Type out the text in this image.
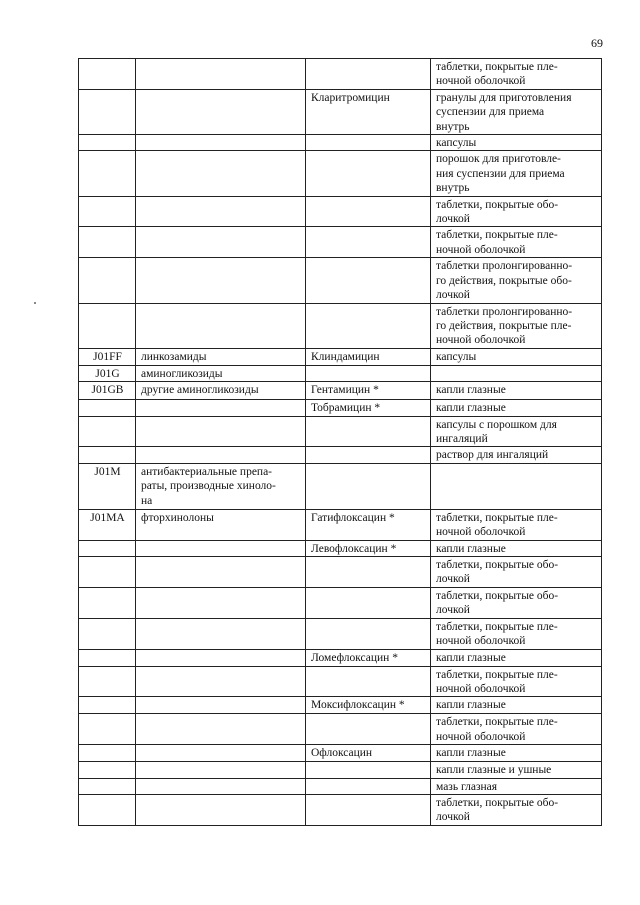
69

			таблетки, покрытые пле-
ночной оболочкой

		Кларитромицин	гранулы для приготовления
суспензии для приема
внутрь

			капсулы

			порошок для приготовле-
ния суспензии для приема
внутрь

			таблетки, покрытые обо-
лочкой

			таблетки, покрытые пле-
ночной оболочкой

			таблетки пролонгированно-
го действия, покрытые обо-
лочкой

			таблетки пролонгированно-
го действия, покрытые пле-
ночной оболочкой

J01FF	линкозамиды	Клиндамицин	капсулы

J01G	аминогликозиды		

J01GB	другие аминогликозиды	Гентамицин *	капли глазные

		Тобрамицин *	капли глазные

			капсулы с порошком для
ингаляций

			раствор для ингаляций

J01M	антибактериальные препа-
раты, производные хиноло-
на		

J01MA	фторхинолоны	Гатифлоксацин *	таблетки, покрытые пле-
ночной оболочкой

		Левофлоксацин *	капли глазные

			таблетки, покрытые обо-
лочкой

			таблетки, покрытые обо-
лочкой

			таблетки, покрытые пле-
ночной оболочкой

		Ломефлоксацин *	капли глазные

			таблетки, покрытые пле-
ночной оболочкой

		Моксифлоксацин *	капли глазные

			таблетки, покрытые пле-
ночной оболочкой

		Офлоксацин	капли глазные

			капли глазные и ушные

			мазь глазная

			таблетки, покрытые обо-
лочкой
